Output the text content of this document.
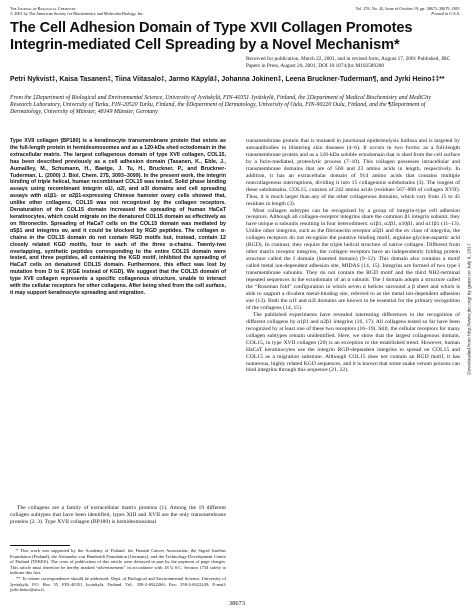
The Journal of Biological Chemistry
© 2001 by The American Society for Biochemistry and Molecular Biology, Inc.
Vol. 276, No. 42, Issue of October 19, pp. 38673–38679, 2001
Printed in U.S.A.
The Cell Adhesion Domain of Type XVII Collagen Promotes Integrin-mediated Cell Spreading by a Novel Mechanism*
Received for publication, March 22, 2001, and in revised form, August 17, 2001 Published, JBC Papers in Press, August 20, 2001, DOI 10.1074/jbc.M102589200
Petri Nykvist‡, Kaisa Tasanen‡, Tiina Viitasalo‡, Jarmo Käpylä‡, Johanna Jokinen‡, Leena Bruckner-Tuderman¶, and Jyrki Heino‡‡**
From the ‡Department of Biological and Environmental Science, University of Jyväskylä, FIN-40351 Jyväskylä, Finland, the ‡Department of Medical Biochemistry and MediCity Research Laboratory, University of Turku, FIN-20520 Turku, Finland, the §Department of Dermatology, University of Oulu, FIN-90220 Oulu, Finland, and the ¶Department of Dermatology, University of Münster, 48149 Münster, Germany
Type XVII collagen (BP180) is a keratinocyte transmembrane protein that exists as the full-length protein in hemidesmosomes and as a 120-kDa shed ectodomain in the extracellular matrix. The largest collagenous domain of type XVII collagen, COL15, has been described previously as a cell adhesion domain (Tasanen, K., Eble, J., Aumailley, M., Schumann, H., Baetge, J. Tu, H., Bruckner, P., and Bruckner-Tuderman, L. (2000) J. Biol. Chem. 275, 3093–3099). In the present work, the integrin binding of triple helical, human recombinant COL15 was tested. Solid phase binding assays using recombinant integrin α1I, α2I, and α3I domains and cell spreading assays with α1β1- or α2β1-expressing Chinese hamster ovary cells showed that, unlike other collagens, COL15 was not recognized by the collagen receptors. Denaturation of the COL15 domain increased the spreading of human HaCaT keratinocytes, which could migrate on the denatured COL15 domain as effectively as on fibronectin. Spreading of HaCaT cells on the COL15 domain was mediated by α5β1 and integrins αv, and it could be blocked by RGD peptides. The collagen α-chains in the COL15 domain do not contain RGD motifs but, instead, contain 12 closely related KGD motifs, four in each of the three α-chains. Twenty-two overlapping, synthetic peptides corresponding to the entire COL15 domain were tested, and three peptides, all containing the KGD motif, inhibited the spreading of HaCaT cells on denatured COL15 domain. Furthermore, this effect was lost by mutation from D to E (KGE instead of KGD). We suggest that the COL15 domain of type XVII collagen represents a specific collagenous structure, unable to interact with the cellular receptors for other collagens. After being shed from the cell surface, it may support keratinocyte spreading and migration.

The collagens are a family of extracellular matrix proteins (1). Among the 19 different collagen subtypes that have been identified, types XIII and XVII are the only transmembrane proteins (2, 3). Type XVII collagen (BP180) is hemidesmosomal

* This work was supported by the Academy of Finland, the Finnish Cancer Association, the Sigrid Jusélius Foundation (Finland), the Alexander von Humboldt Foundation (Germany), and the Technology Development Centre of Finland (TEKES). The costs of publication of this article were defrayed in part by the payment of page charges. This article must therefore be hereby marked “advertisement” in accordance with 18 U.S.C. Section 1734 solely to indicate this fact.

** To whom correspondence should be addressed: Dept. of Biological and Environmental Science, University of Jyväskylä, P.O. Box 35, FIN-40351 Jyväskylä, Finland. Tel.: 358-2-6922260; Fax: 358-2-6922249; E-mail: jyrki.heino@utu.fi.

transmembrane protein that is mutated in junctional epidermolysis bullosa and is targeted by autoantibodies in blistering skin diseases (4–6). It occurs in two forms: as a full-length transmembrane protein and as a 120-kDa soluble ectodomain that is shed from the cell surface by a furin-mediated, proteolytic process (7–10). This collagen possesses intracellular and transmembrane domains that are of 560 and 23 amino acids in length, respectively. In addition, it has an extracellular domain of 914 amino acids that contains multiple noncollagenous interruptions, dividing it into 15 collagenous subdomains (3). The longest of these subdomains, COL15, consists of 242 amino acids (residues 567–808 of collagen XVII). Thus, it is much larger than any of the other collagenous domains, which vary from 15 to 45 residues in length (3).

Most collagen subtypes can be recognized by a group of integrin-type cell adhesion receptors. Although all collagen-receptor integrins share the common β1 integrin subunit, they have unique α subunits resulting in four heterodimers: α1β1, α2β1, α10β1, and α11β1 (11–13). Unlike other integrins, such as the fibronectin receptor α5β1 and the αv class of integrins, the collagen receptors do not recognize the putative binding motif, arginine-glycine-aspartic acid (RGD). In contrast, they require the triple helical structure of native collagen. Different from other matrix receptor integrins, the collagen receptors have an independently folding protein structure called the I domain (inserted domain) (9–12). This domain also contains a motif called metal ion-dependent adhesion site, MIDAS (14, 15). Integrins are formed of two type I transmembrane subunits. They do not contain the RGD motif and the third NH2-terminal repeated sequences in the ectodomain of an α subunit. The I domain adopts a structure called the “Rossman fold” configuration in which seven α helices surround a β sheet and which is able to support a divalent metal-binding site, referred to as the metal ion-dependent adhesion site (13). Both the α1I and α2I domains are known to be essential for the primary recognition of the collagens (14, 15).

The published experiments have revealed interesting differences in the recognition of different collagens by α1β1 and α2β1 integrins (16, 17). All collagens tested so far have been recognized by at least one of these two receptors (16–19). Still, the cellular receptors for many collagen subtypes remain unidentified. Here, we show that the largest collagenous domain, COL15, in type XVII collagen (20) is an exception to the established trend. However, human HaCaT keratinocytes use the integrin RGD-dependent integrins to spread on COL15 and COL15 as a migration substrate. Although COL15 does not contain an RGD motif, it has numerous, highly related KGD sequences, and it is known that some snake venom poisons can bind integrins through this sequence (21, 22).

38673
Downloaded from http://www.jbc.org/ by guest on July 9, 2017
